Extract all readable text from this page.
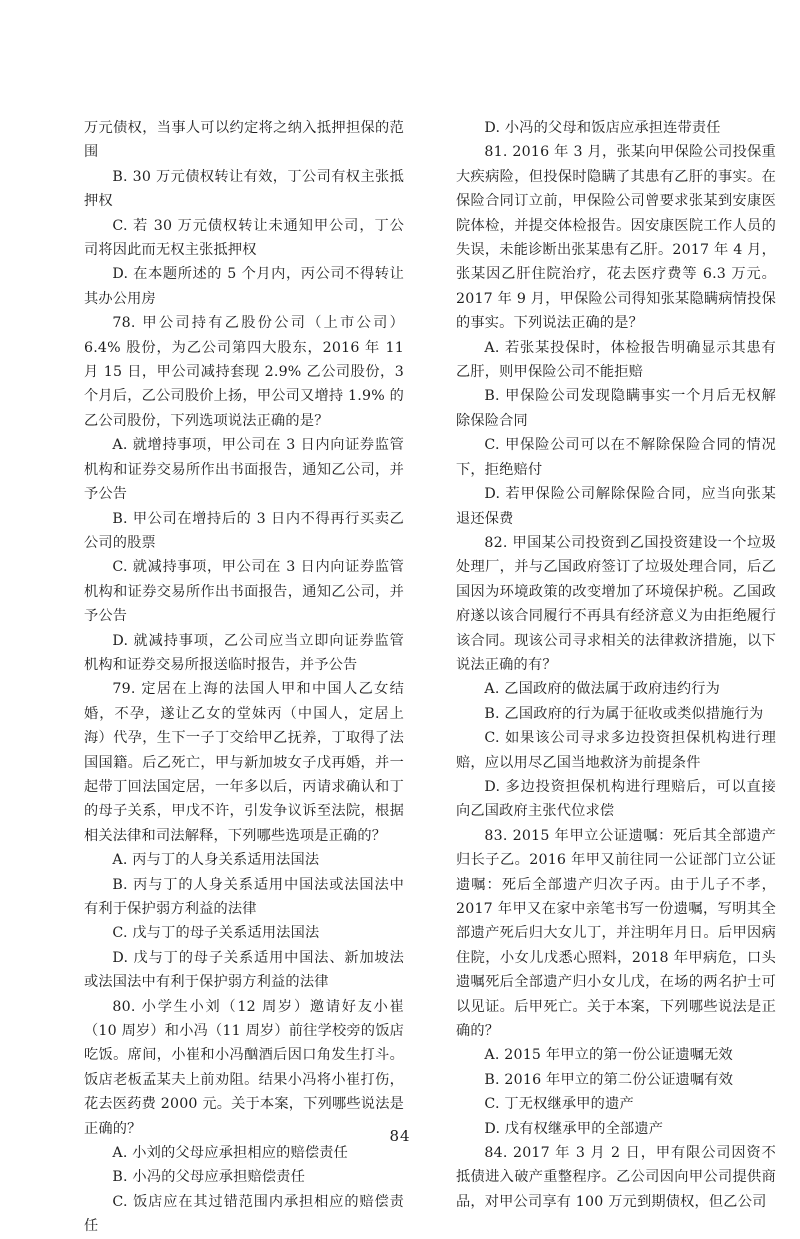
万元债权，当事人可以约定将之纳入抵押担保的范围

B. 30 万元债权转让有效，丁公司有权主张抵押权

C. 若 30 万元债权转让未通知甲公司，丁公司将因此而无权主张抵押权

D. 在本题所述的 5 个月内，丙公司不得转让其办公用房

78. 甲公司持有乙股份公司（上市公司）6.4% 股份，为乙公司第四大股东，2016 年 11 月 15 日，甲公司减持套现 2.9% 乙公司股份，3 个月后，乙公司股价上扬，甲公司又增持 1.9% 的乙公司股份，下列选项说法正确的是？

A. 就增持事项，甲公司在 3 日内向证券监管机构和证券交易所作出书面报告，通知乙公司，并予公告

B. 甲公司在增持后的 3 日内不得再行买卖乙公司的股票

C. 就减持事项，甲公司在 3 日内向证券监管机构和证券交易所作出书面报告，通知乙公司，并予公告

D. 就减持事项，乙公司应当立即向证券监管机构和证券交易所报送临时报告，并予公告

79. 定居在上海的法国人甲和中国人乙女结婚，不孕，遂让乙女的堂妹丙（中国人，定居上海）代孕，生下一子丁交给甲乙抚养，丁取得了法国国籍。后乙死亡，甲与新加坡女子戊再婚，并一起带丁回法国定居，一年多以后，丙请求确认和丁的母子关系，甲戊不许，引发争议诉至法院，根据相关法律和司法解释，下列哪些选项是正确的？

A. 丙与丁的人身关系适用法国法

B. 丙与丁的人身关系适用中国法或法国法中有利于保护弱方利益的法律

C. 戊与丁的母子关系适用法国法

D. 戊与丁的母子关系适用中国法、新加坡法或法国法中有利于保护弱方利益的法律

80. 小学生小刘（12 周岁）邀请好友小崔（10 周岁）和小冯（11 周岁）前往学校旁的饭店吃饭。席间，小崔和小冯酗酒后因口角发生打斗。饭店老板孟某夫上前劝阻。结果小冯将小崔打伤，花去医药费 2000 元。关于本案，下列哪些说法是正确的？

A. 小刘的父母应承担相应的赔偿责任

B. 小冯的父母应承担赔偿责任

C. 饭店应在其过错范围内承担相应的赔偿责任

D. 小冯的父母和饭店应承担连带责任

81. 2016 年 3 月，张某向甲保险公司投保重大疾病险，但投保时隐瞒了其患有乙肝的事实。在保险合同订立前，甲保险公司曾要求张某到安康医院体检，并提交体检报告。因安康医院工作人员的失误，未能诊断出张某患有乙肝。2017 年 4 月，张某因乙肝住院治疗，花去医疗费等 6.3 万元。2017 年 9 月，甲保险公司得知张某隐瞒病情投保的事实。下列说法正确的是？

A. 若张某投保时，体检报告明确显示其患有乙肝，则甲保险公司不能拒赔

B. 甲保险公司发现隐瞒事实一个月后无权解除保险合同

C. 甲保险公司可以在不解除保险合同的情况下，拒绝赔付

D. 若甲保险公司解除保险合同，应当向张某退还保费

82. 甲国某公司投资到乙国投资建设一个垃圾处理厂，并与乙国政府签订了垃圾处理合同，后乙国因为环境政策的改变增加了环境保护税。乙国政府遂以该合同履行不再具有经济意义为由拒绝履行该合同。现该公司寻求相关的法律救济措施，以下说法正确的有？

A. 乙国政府的做法属于政府违约行为

B. 乙国政府的行为属于征收或类似措施行为

C. 如果该公司寻求多边投资担保机构进行理赔，应以用尽乙国当地救济为前提条件

D. 多边投资担保机构进行理赔后，可以直接向乙国政府主张代位求偿

83. 2015 年甲立公证遗嘱：死后其全部遗产归长子乙。2016 年甲又前往同一公证部门立公证遗嘱：死后全部遗产归次子丙。由于儿子不孝，2017 年甲又在家中亲笔书写一份遗嘱，写明其全部遗产死后归大女儿丁，并注明年月日。后甲因病住院，小女儿戊悉心照料，2018 年甲病危，口头遗嘱死后全部遗产归小女儿戊，在场的两名护士可以见证。后甲死亡。关于本案，下列哪些说法是正确的？

A. 2015 年甲立的第一份公证遗嘱无效

B. 2016 年甲立的第二份公证遗嘱有效

C. 丁无权继承甲的遗产

D. 戊有权继承甲的全部遗产

84. 2017 年 3 月 2 日，甲有限公司因资不抵债进入破产重整程序。乙公司因向甲公司提供商品，对甲公司享有 100 万元到期债权，但乙公司

84
